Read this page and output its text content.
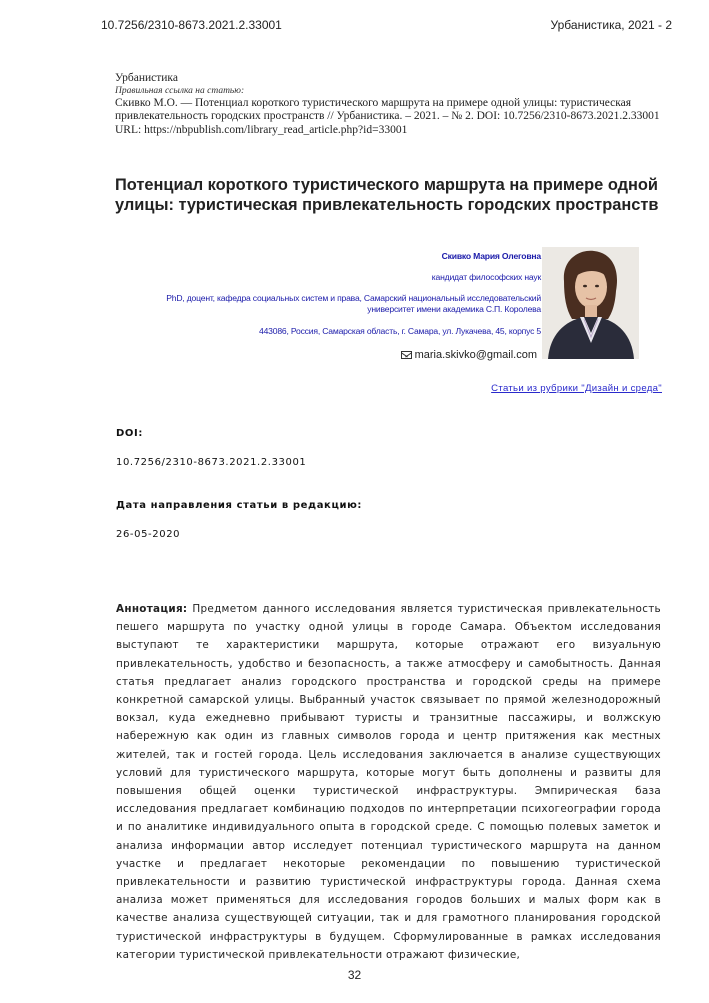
10.7256/2310-8673.2021.2.33001	Урбанистика, 2021 - 2
Урбанистика
Правильная ссылка на статью:
Скивко М.О. — Потенциал короткого туристического маршрута на примере одной улицы: туристическая привлекательность городских пространств // Урбанистика. – 2021. – № 2. DOI: 10.7256/2310-8673.2021.2.33001
URL: https://nbpublish.com/library_read_article.php?id=33001
Потенциал короткого туристического маршрута на примере одной улицы: туристическая привлекательность городских пространств
Скивко Мария Олеговна
кандидат философских наук
PhD, доцент, кафедра социальных систем и права, Самарский национальный исследовательский университет имени академика С.П. Королева
443086, Россия, Самарская область, г. Самара, ул. Лукачева, 45, корпус 5
maria.skivko@gmail.com
Статьи из рубрики "Дизайн и среда"
DOI:
10.7256/2310-8673.2021.2.33001
Дата направления статьи в редакцию:
26-05-2020

Аннотация: Предметом данного исследования является туристическая привлекательность пешего маршрута по участку одной улицы в городе Самара. Объектом исследования выступают те характеристики маршрута, которые отражают его визуальную привлекательность, удобство и безопасность, а также атмосферу и самобытность. Данная статья предлагает анализ городского пространства и городской среды на примере конкретной самарской улицы. Выбранный участок связывает по прямой железнодорожный вокзал, куда ежедневно прибывают туристы и транзитные пассажиры, и волжскую набережную как один из главных символов города и центр притяжения как местных жителей, так и гостей города. Цель исследования заключается в анализе существующих условий для туристического маршрута, которые могут быть дополнены и развиты для повышения общей оценки туристической инфраструктуры. Эмпирическая база исследования предлагает комбинацию подходов по интерпретации психогеографии города и по аналитике индивидуального опыта в городской среде. С помощью полевых заметок и анализа информации автор исследует потенциал туристического маршрута на данном участке и предлагает некоторые рекомендации по повышению туристической привлекательности и развитию туристической инфраструктуры города. Данная схема анализа может применяться для исследования городов больших и малых форм как в качестве анализа существующей ситуации, так и для грамотного планирования городской туристической инфраструктуры в будущем. Сформулированные в рамках исследования категории туристической привлекательности отражают физические,

32
